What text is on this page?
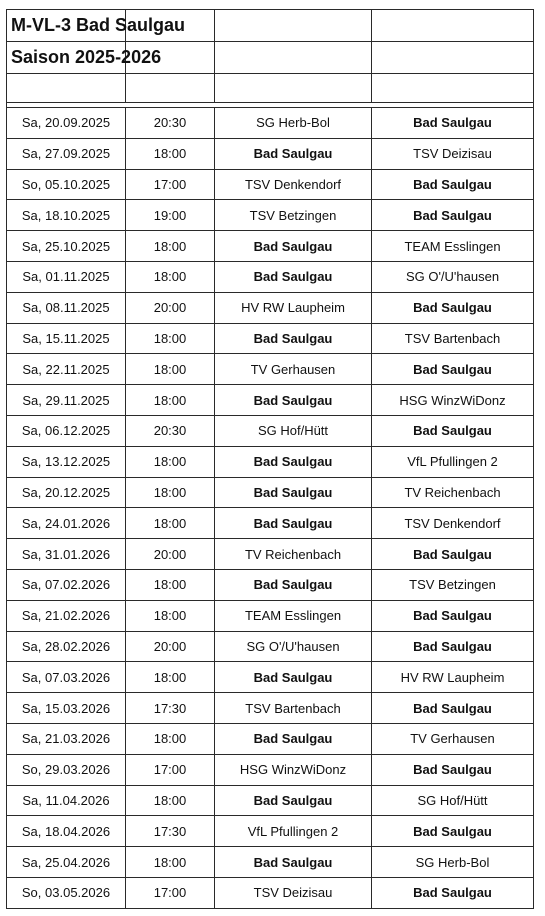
M-VL-3 Bad Saulgau			
Saison 2025-2026			

Sa, 20.09.2025	20:30	SG Herb-Bol	Bad Saulgau
Sa, 27.09.2025	18:00	Bad Saulgau	TSV Deizisau
So, 05.10.2025	17:00	TSV Denkendorf	Bad Saulgau
Sa, 18.10.2025	19:00	TSV Betzingen	Bad Saulgau
Sa, 25.10.2025	18:00	Bad Saulgau	TEAM Esslingen
Sa, 01.11.2025	18:00	Bad Saulgau	SG O'/U'hausen
Sa, 08.11.2025	20:00	HV RW Laupheim	Bad Saulgau
Sa, 15.11.2025	18:00	Bad Saulgau	TSV Bartenbach
Sa, 22.11.2025	18:00	TV Gerhausen	Bad Saulgau
Sa, 29.11.2025	18:00	Bad Saulgau	HSG WinzWiDonz
Sa, 06.12.2025	20:30	SG Hof/Hütt	Bad Saulgau
Sa, 13.12.2025	18:00	Bad Saulgau	VfL Pfullingen 2
Sa, 20.12.2025	18:00	Bad Saulgau	TV Reichenbach
Sa, 24.01.2026	18:00	Bad Saulgau	TSV Denkendorf
Sa, 31.01.2026	20:00	TV Reichenbach	Bad Saulgau
Sa, 07.02.2026	18:00	Bad Saulgau	TSV Betzingen
Sa, 21.02.2026	18:00	TEAM Esslingen	Bad Saulgau
Sa, 28.02.2026	20:00	SG O'/U'hausen	Bad Saulgau
Sa, 07.03.2026	18:00	Bad Saulgau	HV RW Laupheim
Sa, 15.03.2026	17:30	TSV Bartenbach	Bad Saulgau
Sa, 21.03.2026	18:00	Bad Saulgau	TV Gerhausen
So, 29.03.2026	17:00	HSG WinzWiDonz	Bad Saulgau
Sa, 11.04.2026	18:00	Bad Saulgau	SG Hof/Hütt
Sa, 18.04.2026	17:30	VfL Pfullingen 2	Bad Saulgau
Sa, 25.04.2026	18:00	Bad Saulgau	SG Herb-Bol
So, 03.05.2026	17:00	TSV Deizisau	Bad Saulgau
